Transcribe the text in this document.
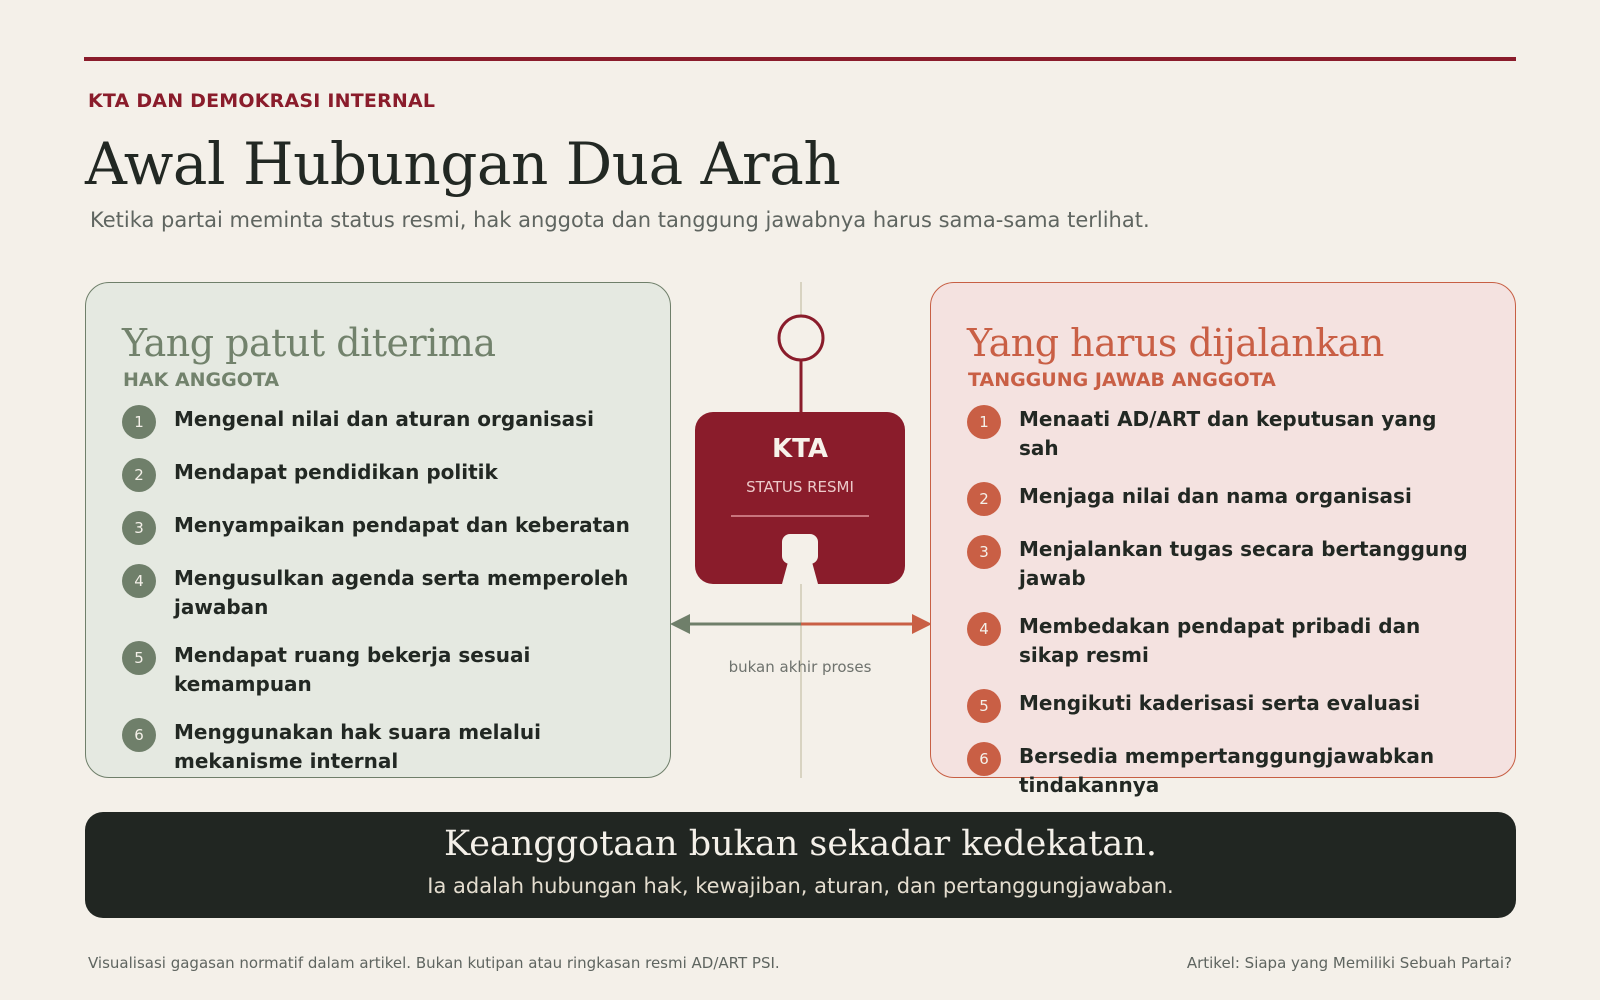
KTA DAN DEMOKRASI INTERNAL
Awal Hubungan Dua Arah
Ketika partai meminta status resmi, hak anggota dan tanggung jawabnya harus sama-sama terlihat.
Yang patut diterima
HAK ANGGOTA
1	Mengenal nilai dan aturan organisasi
2	Mendapat pendidikan politik
3	Menyampaikan pendapat dan keberatan
4	Mengusulkan agenda serta memperoleh jawaban
5	Mendapat ruang bekerja sesuai kemampuan
6	Menggunakan hak suara melalui mekanisme internal
KTA
STATUS RESMI
bukan akhir proses
Yang harus dijalankan
TANGGUNG JAWAB ANGGOTA
1	Menaati AD/ART dan keputusan yang sah
2	Menjaga nilai dan nama organisasi
3	Menjalankan tugas secara bertanggung jawab
4	Membedakan pendapat pribadi dan sikap resmi
5	Mengikuti kaderisasi serta evaluasi
6	Bersedia mempertanggungjawabkan tindakannya
Keanggotaan bukan sekadar kedekatan.
Ia adalah hubungan hak, kewajiban, aturan, dan pertanggungjawaban.
Visualisasi gagasan normatif dalam artikel. Bukan kutipan atau ringkasan resmi AD/ART PSI.	Artikel: Siapa yang Memiliki Sebuah Partai?
